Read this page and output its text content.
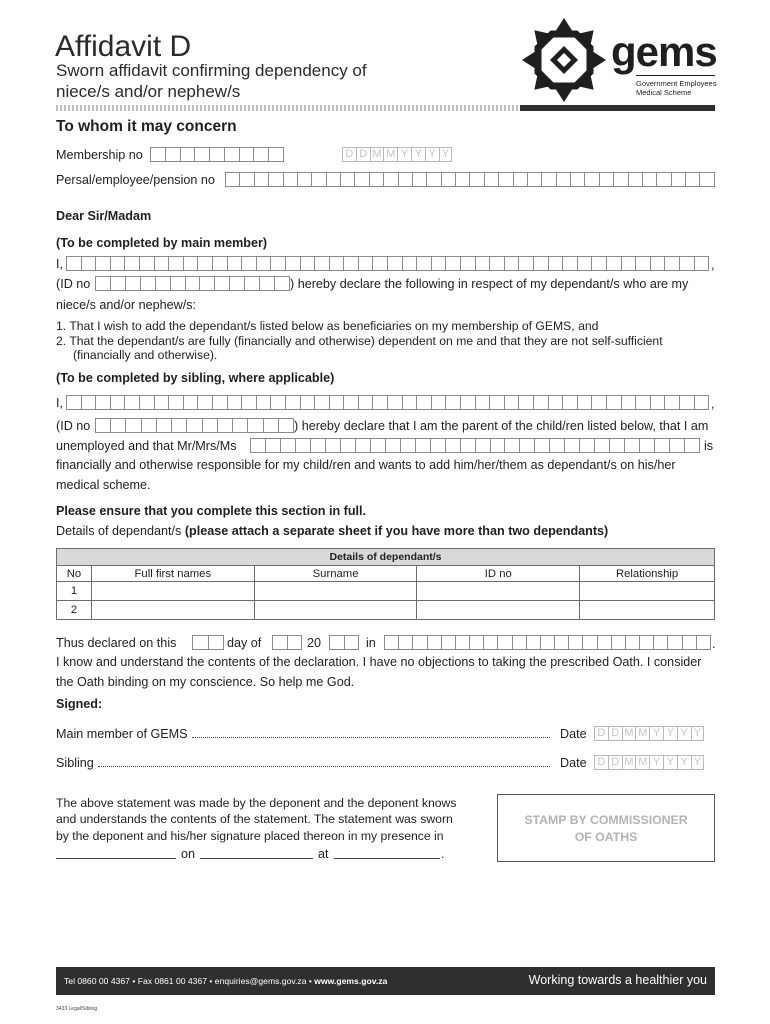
Affidavit D
Sworn affidavit confirming dependency of
niece/s and/or nephew/s
gems
Government Employees
Medical Scheme
To whom it may concern
Membership no	D D M M Y Y Y Y
Persal/employee/pension no
Dear Sir/Madam
(To be completed by main member)
I,	,
(ID no	) hereby declare the following in respect of my dependant/s who are my
niece/s and/or nephew/s:
1. That I wish to add the dependant/s listed below as beneficiaries on my membership of GEMS, and
2. That the dependant/s are fully (financially and otherwise) dependent on me and that they are not self-sufficient
(financially and otherwise).
(To be completed by sibling, where applicable)
I,	,
(ID no	) hereby declare that I am the parent of the child/ren listed below, that I am
unemployed and that Mr/Mrs/Ms	is
financially and otherwise responsible for my child/ren and wants to add him/her/them as dependant/s on his/her
medical scheme.
Please ensure that you complete this section in full.
Details of dependant/s (please attach a separate sheet if you have more than two dependants)
Details of dependant/s				
No	Full first names	Surname	ID no	Relationship
1				
2				
Thus declared on this	day of	20	in	.
I know and understand the contents of the declaration. I have no objections to taking the prescribed Oath. I consider
the Oath binding on my conscience. So help me God.
Signed:
Main member of GEMS	Date D D M M Y Y Y Y
Sibling	Date D D M M Y Y Y Y
The above statement was made by the deponent and the deponent knows
and understands the contents of the statement. The statement was sworn
by the deponent and his/her signature placed thereon in my presence in
on	at	.
STAMP BY COMMISSIONER
OF OATHS
Tel 0860 00 4367 • Fax 0861 00 4367 • enquiries@gems.gov.za • www.gems.gov.za	Working towards a healthier you
3433 Legal/Sibling
